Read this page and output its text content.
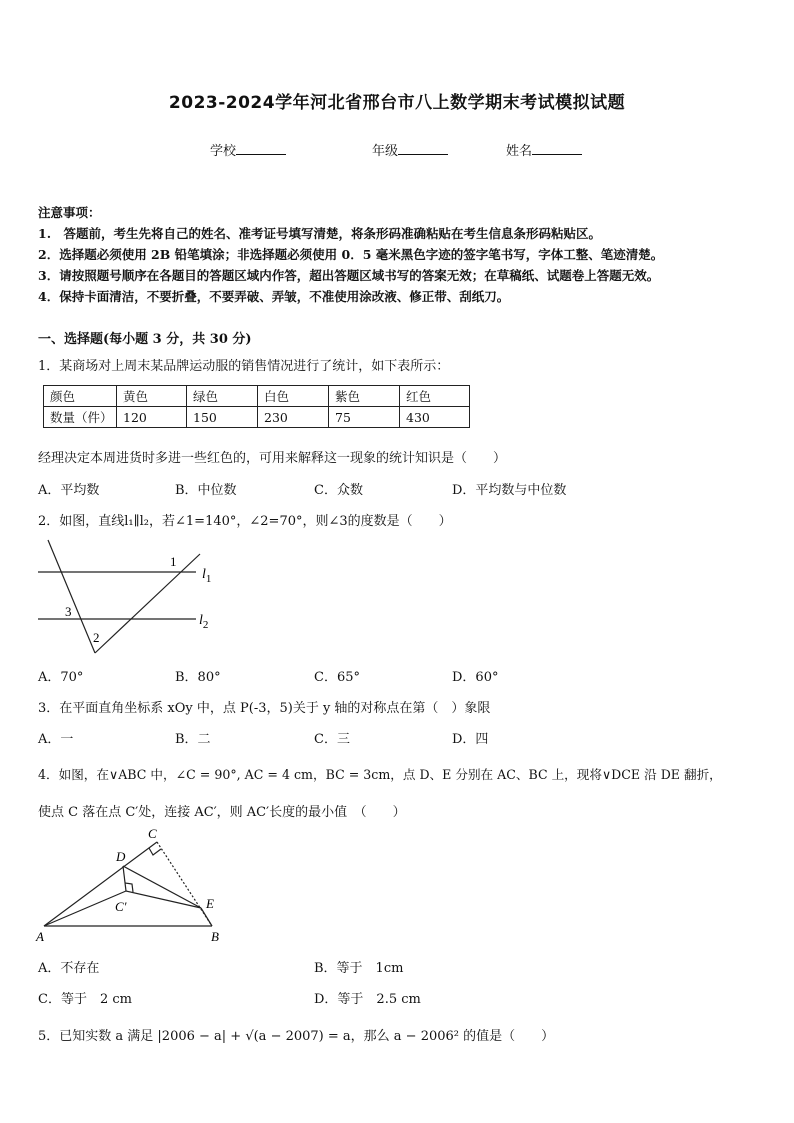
2023-2024学年河北省邢台市八上数学期末考试模拟试题
学校	年级	姓名
注意事项：
1.　答题前，考生先将自己的姓名、准考证号填写清楚，将条形码准确粘贴在考生信息条形码粘贴区。
2．选择题必须使用 2B 铅笔填涂；非选择题必须使用 0．5 毫米黑色字迹的签字笔书写，字体工整、笔迹清楚。
3．请按照题号顺序在各题目的答题区域内作答，超出答题区域书写的答案无效；在草稿纸、试题卷上答题无效。
4．保持卡面清洁，不要折叠，不要弄破、弄皱，不准使用涂改液、修正带、刮纸刀。
一、选择题(每小题 3 分，共 30 分)
1．某商场对上周末某品牌运动服的销售情况进行了统计，如下表所示：
颜色	黄色	绿色	白色	紫色	红色
数量（件）	120	150	230	75	430
经理决定本周进货时多进一些红色的，可用来解释这一现象的统计知识是（　　）
A．平均数	B．中位数	C．众数	D．平均数与中位数
2．如图，直线l₁∥l₂，若∠1=140°，∠2=70°，则∠3的度数是（　　）
1
3
2
$l_1$
$l_2$
A．70°	B．80°	C．65°	D．60°
3．在平面直角坐标系 xOy 中，点 P(-3，5)关于 y 轴的对称点在第（　）象限
A．一	B．二	C．三	D．四
4．如图，在∨ABC 中，∠C = 90°, AC = 4 cm，BC = 3cm，点 D、E 分别在 AC、BC 上，现将∨DCE 沿 DE 翻折，
使点 C 落在点 C′处，连接 AC′，则 AC′长度的最小值　（　　）
A	B
C
D
E
C′
A．不存在	B．等于　1cm
C．等于　2 cm	D．等于　2.5 cm
5．已知实数 a 满足 |2006 − a| + √(a − 2007) = a，那么 a − 2006² 的值是（　　）
